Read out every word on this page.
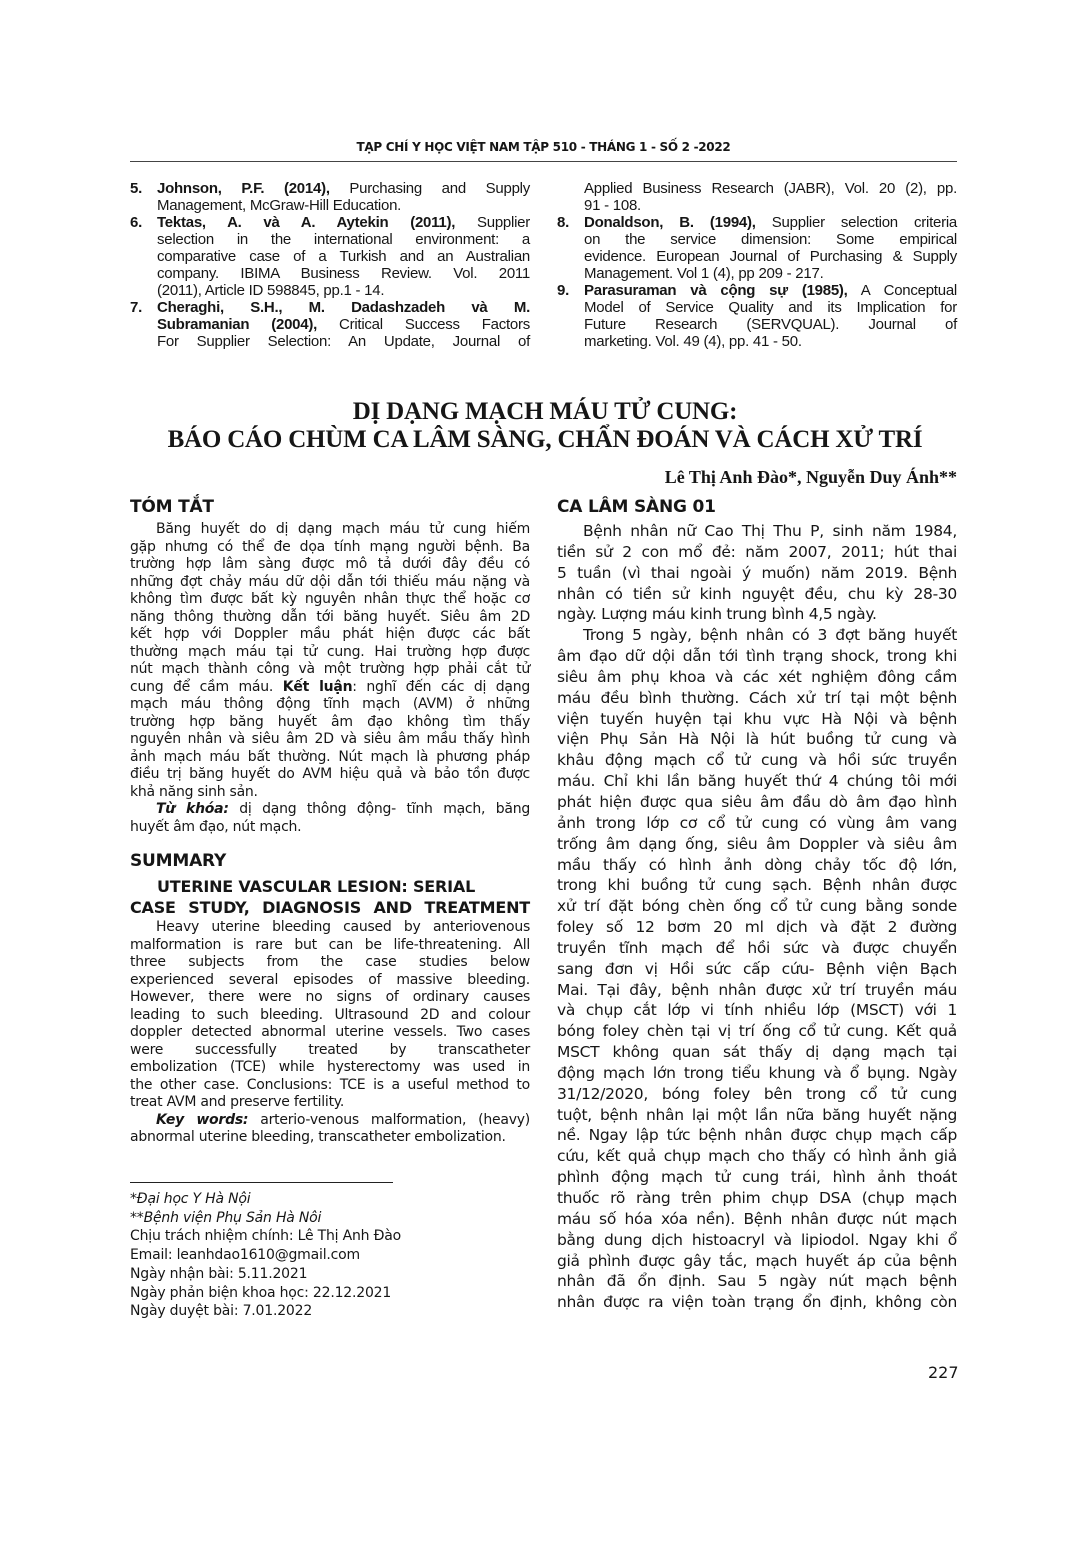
TẠP CHÍ Y HỌC VIỆT NAM TẬP 510 - THÁNG 1 - SỐ 2 -2022
5. Johnson, P.F. (2014), Purchasing and Supply
Management, McGraw-Hill Education.
6. Tektas, A. và A. Aytekin (2011), Supplier
selection in the international environment: a
comparative case of a Turkish and an Australian
company. IBIMA Business Review. Vol. 2011
(2011), Article ID 598845, pp.1 - 14.
7. Cheraghi, S.H., M. Dadashzadeh và M.
Subramanian (2004), Critical Success Factors
For Supplier Selection: An Update, Journal of
Applied Business Research (JABR), Vol. 20 (2), pp.
91 - 108.
8. Donaldson, B. (1994), Supplier selection criteria
on the service dimension: Some empirical
evidence. European Journal of Purchasing & Supply
Management. Vol 1 (4), pp 209 - 217.
9. Parasuraman và cộng sự (1985), A Conceptual
Model of Service Quality and its Implication for
Future Research (SERVQUAL). Journal of
marketing. Vol. 49 (4), pp. 41 - 50.
DỊ DẠNG MẠCH MÁU TỬ CUNG:
BÁO CÁO CHÙM CA LÂM SÀNG, CHẨN ĐOÁN VÀ CÁCH XỬ TRÍ
Lê Thị Anh Đào*, Nguyễn Duy Ánh**
TÓM TẮT
Băng huyết do dị dạng mạch máu tử cung hiếm
gặp nhưng có thể đe dọa tính mạng người bệnh. Ba
trường hợp lâm sàng được mô tả dưới đây đều có
những đợt chảy máu dữ dội dẫn tới thiếu máu nặng và
không tìm được bất kỳ nguyên nhân thực thể hoặc cơ
năng thông thường dẫn tới băng huyết. Siêu âm 2D
kết hợp với Doppler mầu phát hiện được các bất
thường mạch máu tại tử cung. Hai trường hợp được
nút mạch thành công và một trường hợp phải cắt tử
cung để cầm máu. Kết luận: nghĩ đến các dị dạng
mạch máu thông động tĩnh mạch (AVM) ở những
trường hợp băng huyết âm đạo không tìm thấy
nguyên nhân và siêu âm 2D và siêu âm mầu thấy hình
ảnh mạch máu bất thường. Nút mạch là phương pháp
điều trị băng huyết do AVM hiệu quả và bảo tồn được
khả năng sinh sản.
Từ khóa: dị dạng thông động- tĩnh mạch, băng
huyết âm đạo, nút mạch.
SUMMARY
UTERINE VASCULAR LESION: SERIAL
CASE STUDY, DIAGNOSIS AND TREATMENT
Heavy uterine bleeding caused by anteriovenous
malformation is rare but can be life-threatening. All
three subjects from the case studies below
experienced several episodes of massive bleeding.
However, there were no signs of ordinary causes
leading to such bleeding. Ultrasound 2D and colour
doppler detected abnormal uterine vessels. Two cases
were successfully treated by transcatheter
embolization (TCE) while hysterectomy was used in
the other case. Conclusions: TCE is a useful method to
treat AVM and preserve fertility.
Key words: arterio-venous malformation, (heavy)
abnormal uterine bleeding, transcatheter embolization.
*Đại học Y Hà Nội
**Bệnh viện Phụ Sản Hà Nôi
Chịu trách nhiệm chính: Lê Thị Anh Đào
Email: leanhdao1610@gmail.com
Ngày nhận bài: 5.11.2021
Ngày phản biện khoa học: 22.12.2021
Ngày duyệt bài: 7.01.2022
CA LÂM SÀNG 01
Bệnh nhân nữ Cao Thị Thu P, sinh năm 1984,
tiền sử 2 con mổ đẻ: năm 2007, 2011; hút thai
5 tuần (vì thai ngoài ý muốn) năm 2019. Bệnh
nhân có tiền sử kinh nguyệt đều, chu kỳ 28-30
ngày. Lượng máu kinh trung bình 4,5 ngày.
Trong 5 ngày, bệnh nhân có 3 đợt băng huyết
âm đạo dữ dội dẫn tới tình trạng shock, trong khi
siêu âm phụ khoa và các xét nghiệm đông cầm
máu đều bình thường. Cách xử trí tại một bệnh
viện tuyến huyện tại khu vực Hà Nội và bệnh
viện Phụ Sản Hà Nội là hút buồng tử cung và
khâu động mạch cổ tử cung và hồi sức truyền
máu. Chỉ khi lần băng huyết thứ 4 chúng tôi mới
phát hiện được qua siêu âm đầu dò âm đạo hình
ảnh trong lớp cơ cổ tử cung có vùng âm vang
trống âm dạng ống, siêu âm Doppler và siêu âm
mầu thấy có hình ảnh dòng chảy tốc độ lớn,
trong khi buồng tử cung sạch. Bệnh nhân được
xử trí đặt bóng chèn ống cổ tử cung bằng sonde
foley số 12 bơm 20 ml dịch và đặt 2 đường
truyền tĩnh mạch để hồi sức và được chuyển
sang đơn vị Hồi sức cấp cứu- Bệnh viện Bạch
Mai. Tại đây, bệnh nhân được xử trí truyền máu
và chụp cắt lớp vi tính nhiều lớp (MSCT) với 1
bóng foley chèn tại vị trí ống cổ tử cung. Kết quả
MSCT không quan sát thấy dị dạng mạch tại
động mạch lớn trong tiểu khung và ổ bụng. Ngày
31/12/2020, bóng foley bên trong cổ tử cung
tuột, bệnh nhân lại một lần nữa băng huyết nặng
nề. Ngay lập tức bệnh nhân được chụp mạch cấp
cứu, kết quả chụp mạch cho thấy có hình ảnh giả
phình động mạch tử cung trái, hình ảnh thoát
thuốc rõ ràng trên phim chụp DSA (chụp mạch
máu số hóa xóa nền). Bệnh nhân được nút mạch
bằng dung dịch histoacryl và lipiodol. Ngay khi ổ
giả phình được gây tắc, mạch huyết áp của bệnh
nhân đã ổn định. Sau 5 ngày nút mạch bệnh
nhân được ra viện toàn trạng ổn định, không còn
227
